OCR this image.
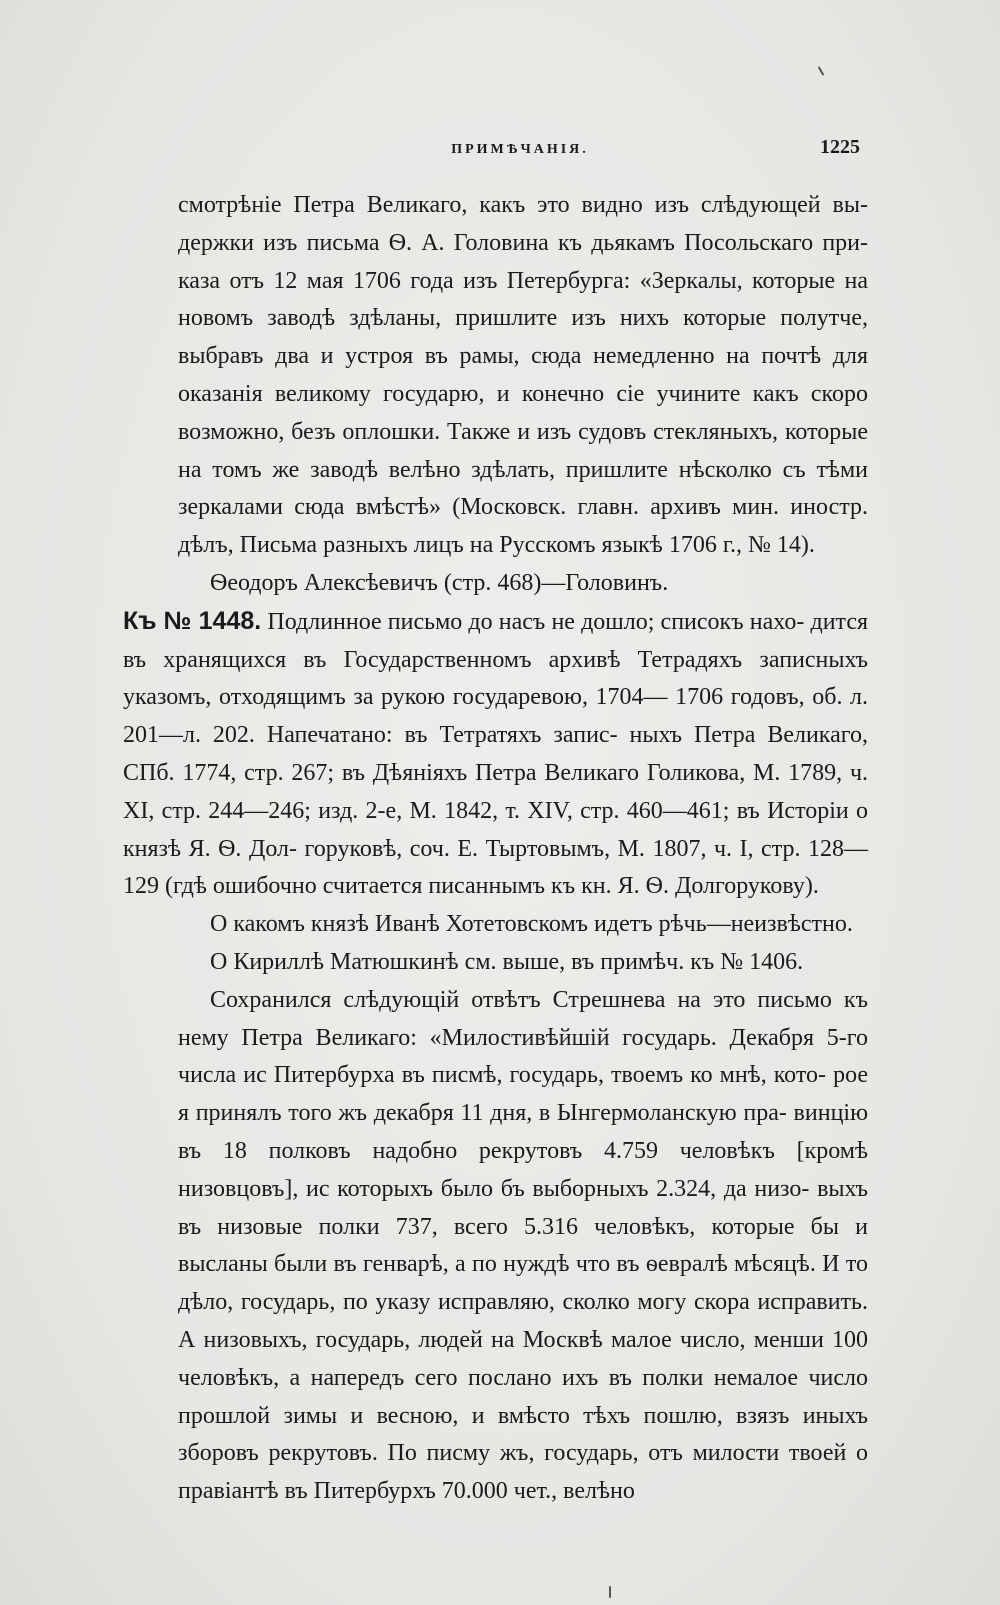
ПРИМѢЧАНІЯ.	1225

смотрѣніе Петра Великаго, какъ это видно изъ слѣдующей вы- держки изъ письма Ѳ. А. Головина къ дьякамъ Посольскаго при- каза отъ 12 мая 1706 года изъ Петербурга: «Зеркалы, которые на новомъ заводѣ здѣланы, пришлите изъ нихъ которые полутче, выбравъ два и устроя въ рамы, сюда немедленно на почтѣ для оказанія великому государю, и конечно сіе учините какъ скоро возможно, безъ оплошки. Также и изъ судовъ стекляныхъ, которые на томъ же заводѣ велѣно здѣлать, пришлите нѣсколко съ тѣми зеркалами сюда вмѣстѣ» (Московск. главн. архивъ мин. иностр. дѣлъ, Письма разныхъ лицъ на Русскомъ языкѣ 1706 г., № 14).

Ѳеодоръ Алексѣевичъ (стр. 468)—Головинъ.

Къ № 1448. Подлинное письмо до насъ не дошло; списокъ нахо- дится въ хранящихся въ Государственномъ архивѣ Тетрадяхъ записныхъ указомъ, отходящимъ за рукою государевою, 1704— 1706 годовъ, об. л. 201—л. 202. Напечатано: въ Тетратяхъ запис- ныхъ Петра Великаго, СПб. 1774, стр. 267; въ Дѣяніяхъ Петра Великаго Голикова, М. 1789, ч. XI, стр. 244—246; изд. 2-е, М. 1842, т. XIV, стр. 460—461; въ Исторіи о князѣ Я. Ѳ. Дол- горуковѣ, соч. Е. Тыртовымъ, М. 1807, ч. I, стр. 128—129 (гдѣ ошибочно считается писаннымъ къ кн. Я. Ѳ. Долгорукову).

О какомъ князѣ Иванѣ Хотетовскомъ идетъ рѣчь—неизвѣстно.

О Кириллѣ Матюшкинѣ см. выше, въ примѣч. къ № 1406.

Сохранился слѣдующій отвѣтъ Стрешнева на это письмо къ нему Петра Великаго: «Милостивѣйшій государь. Декабря 5-го числа ис Питербурха въ писмѣ, государь, твоемъ ко мнѣ, кото- рое я принялъ того жъ декабря 11 дня, в Ынгермоланскую пра- винцію въ 18 полковъ надобно рекрутовъ 4.759 человѣкъ [кромѣ низовцовъ], ис которыхъ было бъ выборныхъ 2.324, да низо- выхъ въ низовые полки 737, всего 5.316 человѣкъ, которые бы и высланы были въ генварѣ, а по нуждѣ что въ ѳевралѣ мѣсяцѣ. И то дѣло, государь, по указу исправляю, сколко могу скора исправить. А низовыхъ, государь, людей на Москвѣ малое число, менши 100 человѣкъ, а напередъ сего послано ихъ въ полки немалое число прошлой зимы и весною, и вмѣсто тѣхъ пошлю, взязъ иныхъ зборовъ рекрутовъ. По писму жъ, государь, отъ милости твоей о правіантѣ въ Питербурхъ 70.000 чет., велѣно
